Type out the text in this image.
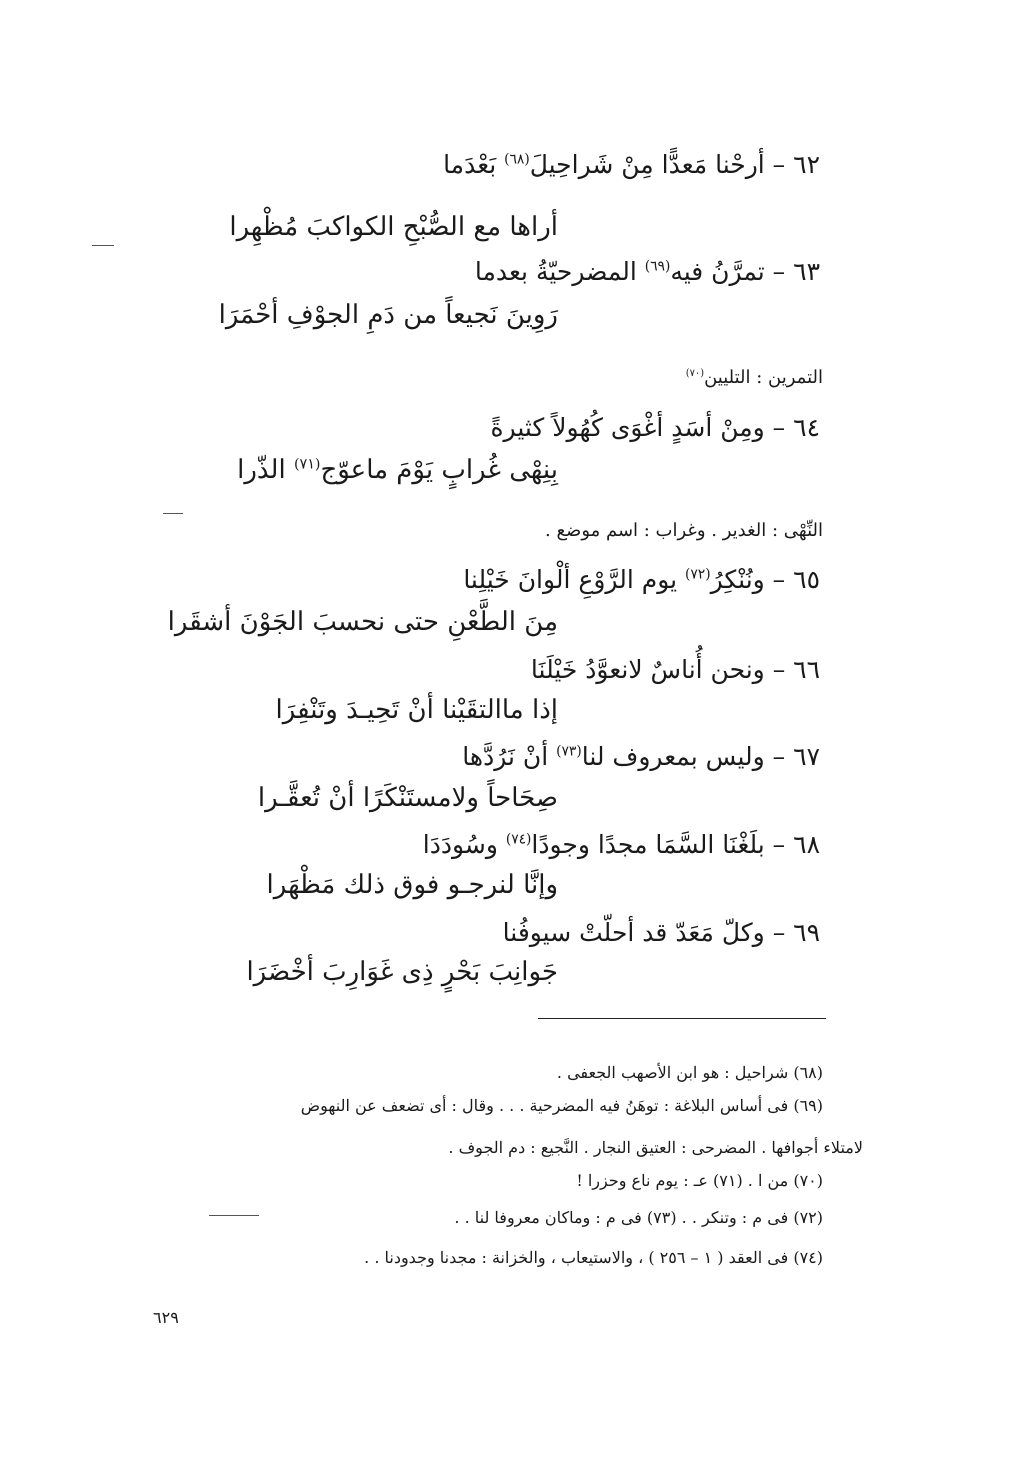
٦٢ – أرحْنا مَعدًّا مِنْ شَراحِيلَ$^{(٦٨)}$ بَعْدَما
أراها مع الصُّبْحِ الكواكبَ مُظْهِرا
٦٣ – تمرَّنُ فيه$^{(٦٩)}$ المضرحيّةُ بعدما
رَوِينَ نَجيعاً من دَمِ الجوْفِ أحْمَرَا
التمرين : التليين$^{(٧٠)}$
٦٤ – ومِنْ أسَدٍ أغْوَى كُهُولاً كثيرةً
بِنِهْى غُرابٍ يَوْمَ ماعوّج$^{(٧١)}$ الذّرا
النِّهْى : الغدير . وغراب : اسم موضع .
٦٥ – ونُنْكِرُ$^{(٧٢)}$ يوم الرَّوْعِ ألْوانَ خَيْلِنا
مِنَ الطَّعْنِ حتى نحسبَ الجَوْنَ أشقَرا
٦٦ – ونحن أُناسٌ لانعوَّدُ خَيْلَنَا
إذا ماالتقَيْنا أنْ تَحِيـدَ وتَنْفِرَا
٦٧ – وليس بمعروف لنا$^{(٧٣)}$ أنْ نَرُدَّها
صِحَاحاً ولامستَنْكَرًا أنْ تُعقَّـرا
٦٨ – بلَغْنَا السَّمَا مجدًا وجودًا$^{(٧٤)}$ وسُودَدَا
وإنَّا لنرجـو فوق ذلك مَظْهَرا
٦٩ – وكلّ مَعَدّ قد أحلّتْ سيوفُنا
جَوانِبَ بَحْرٍ ذِى غَوَارِبَ أخْضَرَا
(٦٨) شراحيل : هو ابن الأصهب الجعفى .
(٦٩) فى أساس البلاغة : توهَنُ فيه المضرحية . . . وقال : أى تضعف عن النهوض
لامتلاء أجوافها . المضرحى : العتيق النجار . النَّجيع : دم الجوف .
(٧٠) من ا . (٧١) عـ : يوم ناع وحزرا !
(٧٢) فى م : وتنكر . . (٧٣) فى م : وماكان معروفا لنا . .
(٧٤) فى العقد ( ١ – ٢٥٦ ) ، والاستيعاب ، والخزانة : مجدنا وجدودنا . .
٦٢٩
